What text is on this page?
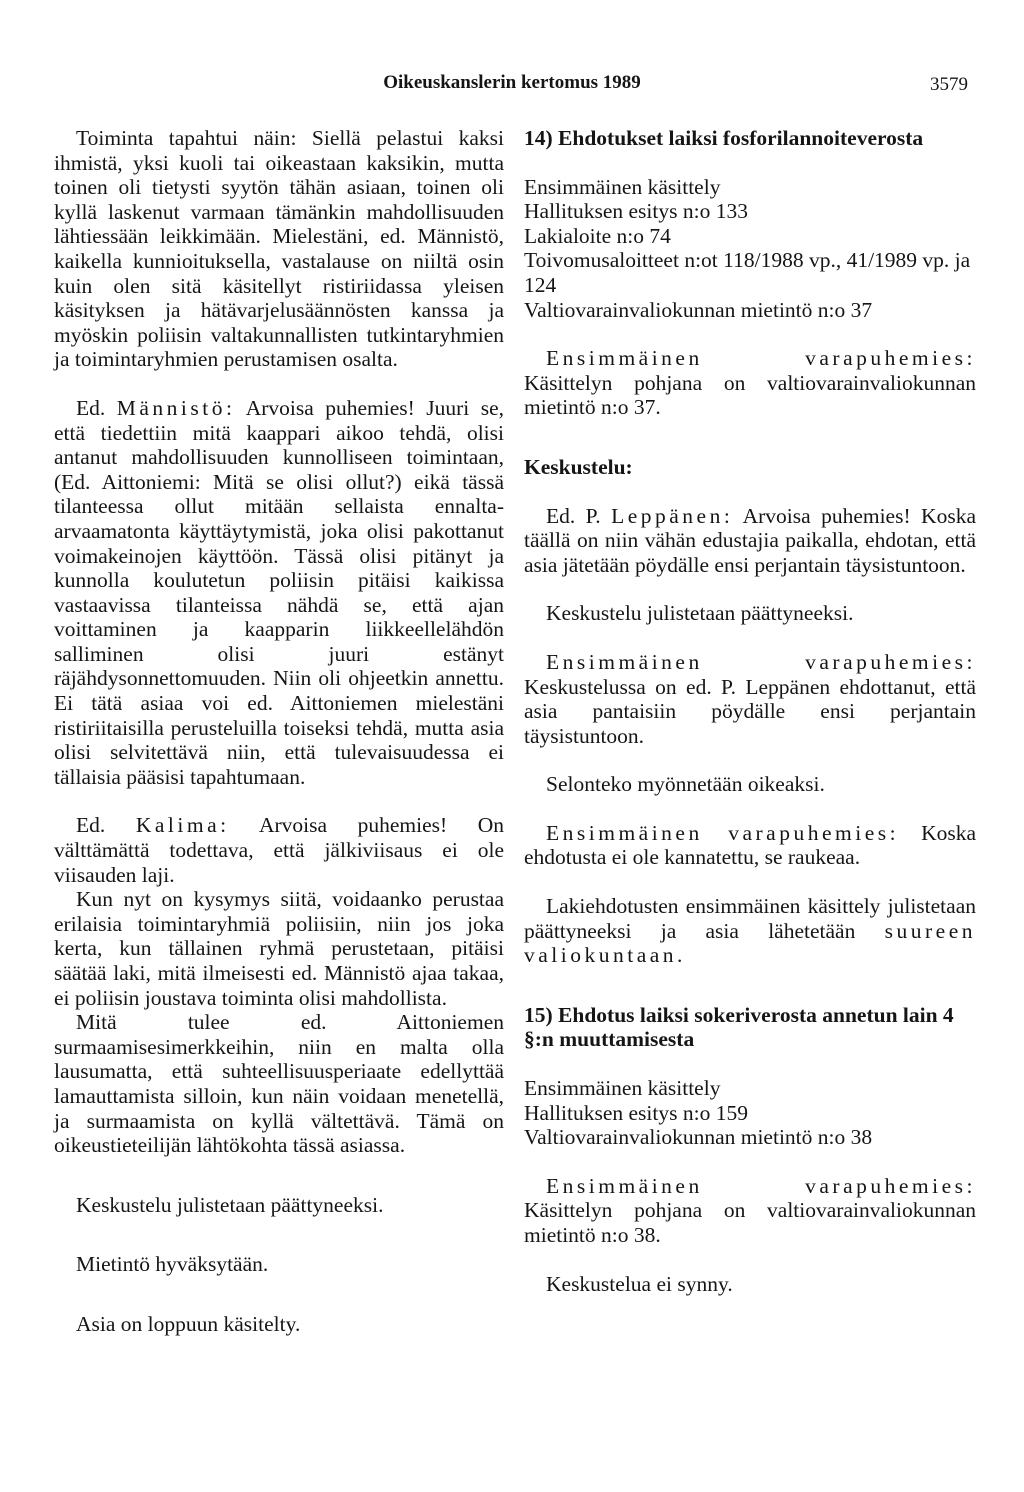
Oikeuskanslerin kertomus 1989	3579

Toiminta tapahtui näin: Siellä pelastui kaksi ihmistä, yksi kuoli tai oikeastaan kaksikin, mutta toinen oli tietysti syytön tähän asiaan, toinen oli kyllä laskenut varmaan tämänkin mahdollisuuden lähtiessään leikkimään. Mielestäni, ed. Männistö, kaikella kunnioituksella, vastalause on niiltä osin kuin olen sitä käsitellyt ristiriidassa yleisen käsityksen ja hätävarjelusäännösten kanssa ja myöskin poliisin valtakunnallisten tutkintaryhmien ja toimintaryhmien perustamisen osalta.

Ed. Männistö: Arvoisa puhemies! Juuri se, että tiedettiin mitä kaappari aikoo tehdä, olisi antanut mahdollisuuden kunnolliseen toimintaan, (Ed. Aittoniemi: Mitä se olisi ollut?) eikä tässä tilanteessa ollut mitään sellaista ennalta-arvaamatonta käyttäytymistä, joka olisi pakottanut voimakeinojen käyttöön. Tässä olisi pitänyt ja kunnolla koulutetun poliisin pitäisi kaikissa vastaavissa tilanteissa nähdä se, että ajan voittaminen ja kaapparin liikkeellelähdön salliminen olisi juuri estänyt räjähdysonnettomuuden. Niin oli ohjeetkin annettu. Ei tätä asiaa voi ed. Aittoniemen mielestäni ristiriitaisilla perusteluilla toiseksi tehdä, mutta asia olisi selvitettävä niin, että tulevaisuudessa ei tällaisia pääsisi tapahtumaan.

Ed. Kalima: Arvoisa puhemies! On välttämättä todettava, että jälkiviisaus ei ole viisauden laji.

Kun nyt on kysymys siitä, voidaanko perustaa erilaisia toimintaryhmiä poliisiin, niin jos joka kerta, kun tällainen ryhmä perustetaan, pitäisi säätää laki, mitä ilmeisesti ed. Männistö ajaa takaa, ei poliisin joustava toiminta olisi mahdollista.

Mitä tulee ed. Aittoniemen surmaamisesimerkkeihin, niin en malta olla lausumatta, että suhteellisuusperiaate edellyttää lamauttamista silloin, kun näin voidaan menetellä, ja surmaamista on kyllä vältettävä. Tämä on oikeustieteilijän lähtökohta tässä asiassa.

Keskustelu julistetaan päättyneeksi.

Mietintö hyväksytään.

Asia on loppuun käsitelty.

14) Ehdotukset laiksi fosforilannoiteverosta

Ensimmäinen käsittely
Hallituksen esitys n:o 133
Lakialoite n:o 74
Toivomusaloitteet n:ot 118/1988 vp., 41/1989 vp. ja 124
Valtiovarainvaliokunnan mietintö n:o 37

Ensimmäinen varapuhemies: Käsittelyn pohjana on valtiovarainvaliokunnan mietintö n:o 37.

Keskustelu:

Ed. P. Leppänen: Arvoisa puhemies! Koska täällä on niin vähän edustajia paikalla, ehdotan, että asia jätetään pöydälle ensi perjantain täysistuntoon.

Keskustelu julistetaan päättyneeksi.

Ensimmäinen varapuhemies: Keskustelussa on ed. P. Leppänen ehdottanut, että asia pantaisiin pöydälle ensi perjantain täysistuntoon.

Selonteko myönnetään oikeaksi.

Ensimmäinen varapuhemies: Koska ehdotusta ei ole kannatettu, se raukeaa.

Lakiehdotusten ensimmäinen käsittely julistetaan päättyneeksi ja asia lähetetään suureen valiokuntaan.

15) Ehdotus laiksi sokeriverosta annetun lain 4 §:n muuttamisesta

Ensimmäinen käsittely
Hallituksen esitys n:o 159
Valtiovarainvaliokunnan mietintö n:o 38

Ensimmäinen varapuhemies: Käsittelyn pohjana on valtiovarainvaliokunnan mietintö n:o 38.

Keskustelua ei synny.
